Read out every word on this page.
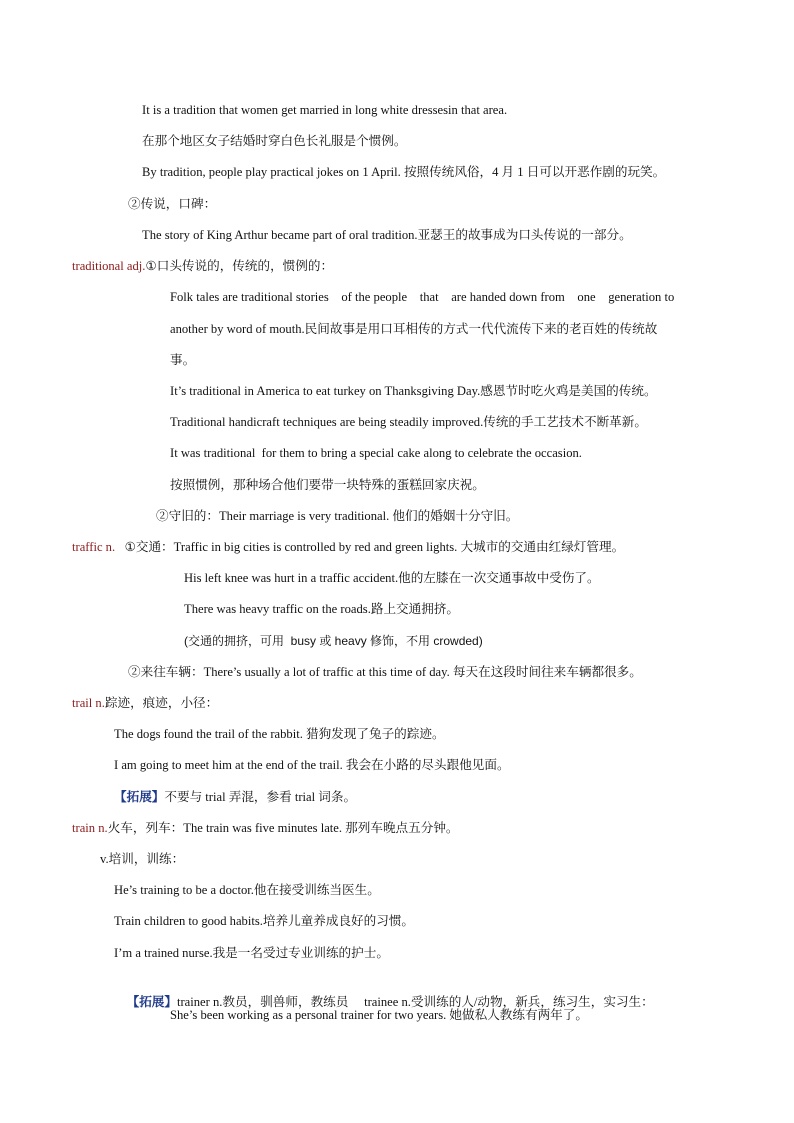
It is a tradition that women get married in long white dressesin that area.
在那个地区女子结婚时穿白色长礼服是个惯例。
By tradition, people play practical jokes on 1 April. 按照传统风俗，4 月 1 日可以开恶作剧的玩笑。
②传说，口碑：
The story of King Arthur became part of oral tradition.亚瑟王的故事成为口头传说的一部分。
traditional adj.①口头传说的，传统的，惯例的：
Folk tales are traditional stories    of the people    that    are handed down from    one    generation to
another by word of mouth.民间故事是用口耳相传的方式一代代流传下来的老百姓的传统故
事。
It’s traditional in America to eat turkey on Thanksgiving Day.感恩节时吃火鸡是美国的传统。
Traditional handicraft techniques are being steadily improved.传统的手工艺技术不断革新。
It was traditional  for them to bring a special cake along to celebrate the occasion.
按照惯例，那种场合他们要带一块特殊的蛋糕回家庆祝。
②守旧的：Their marriage is very traditional. 他们的婚姻十分守旧。
traffic n. ①交通：Traffic in big cities is controlled by red and green lights. 大城市的交通由红绿灯管理。
His left knee was hurt in a traffic accident.他的左膝在一次交通事故中受伤了。
There was heavy traffic on the roads.路上交通拥挤。
(交通的拥挤，可用  busy 或 heavy 修饰，不用 crowded)
②来往车辆：There’s usually a lot of traffic at this time of day. 每天在这段时间往来车辆都很多。
trail n.踪迹，痕迹，小径：
The dogs found the trail of the rabbit. 猎狗发现了兔子的踪迹。
I am going to meet him at the end of the trail. 我会在小路的尽头跟他见面。
【拓展】不要与 trial 弄混，参看 trial 词条。
train n.火车，列车：The train was five minutes late. 那列车晚点五分钟。
v.培训，训练：
He’s training to be a doctor.他在接受训练当医生。
Train children to good habits.培养儿童养成良好的习惯。
I’m a trained nurse.我是一名受过专业训练的护士。

【拓展】trainer n.教员，驯兽师，教练员     trainee n.受训练的人/动物，新兵，练习生，实习生：

She’s been working as a personal trainer for two years. 她做私人教练有两年了。
